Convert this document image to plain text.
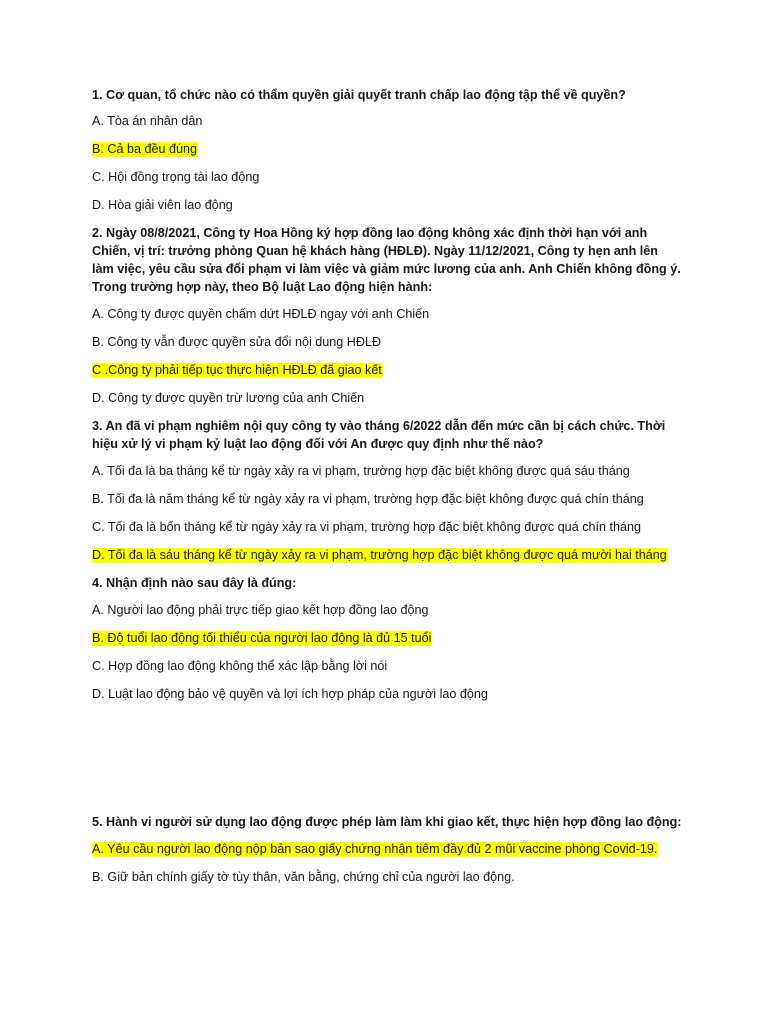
1. Cơ quan, tổ chức nào có thẩm quyền giải quyết tranh chấp lao động tập thể về quyền?

A. Tòa án nhân dân

B. Cả ba đều đúng

C. Hội đồng trọng tài lao động

D. Hòa giải viên lao động

2. Ngày 08/8/2021, Công ty Hoa Hồng ký hợp đồng lao động không xác định thời hạn với anh Chiến, vị trí: trưởng phòng Quan hệ khách hàng (HĐLĐ). Ngày 11/12/2021, Công ty hẹn anh lên làm việc, yêu cầu sửa đổi phạm vi làm việc và giảm mức lương của anh. Anh Chiến không đồng ý. Trong trường hợp này, theo Bộ luật Lao động hiện hành:

A. Công ty được quyền chấm dứt HĐLĐ ngay với anh Chiến

B. Công ty vẫn được quyền sửa đổi nội dung HĐLĐ

C .Công ty phải tiếp tục thực hiện HĐLĐ đã giao kết

D. Công ty được quyền trừ lương của anh Chiến

3. An đã vi phạm nghiêm nội quy công ty vào tháng 6/2022 dẫn đến mức cần bị cách chức. Thời hiệu xử lý vi phạm kỷ luật lao động đối với An được quy định như thế nào?

A. Tối đa là ba tháng kể từ ngày xảy ra vi phạm, trường hợp đặc biệt không được quá sáu tháng

B. Tối đa là năm tháng kể từ ngày xảy ra vi phạm, trường hợp đặc biệt không được quá chín tháng

C. Tối đa là bốn tháng kể từ ngày xảy ra vi phạm, trường hợp đặc biệt không được quá chín tháng

D. Tối đa là sáu tháng kể từ ngày xảy ra vi phạm, trường hợp đặc biệt không được quá mười hai tháng

4. Nhận định nào sau đây là đúng:

A. Người lao động phải trực tiếp giao kết hợp đồng lao động

B. Độ tuổi lao động tối thiểu của người lao động là đủ 15 tuổi

C. Hợp đồng lao động không thể xác lập bằng lời nói

D. Luật lao động bảo vệ quyền và lợi ích hợp pháp của người lao động

5. Hành vi người sử dụng lao động được phép làm làm khi giao kết, thực hiện hợp đồng lao động:

A. Yêu cầu người lao động nộp bản sao giấy chứng nhận tiêm đầy đủ 2 mũi vaccine phòng Covid-19.

B. Giữ bản chính giấy tờ tùy thân, văn bằng, chứng chỉ của người lao động.
